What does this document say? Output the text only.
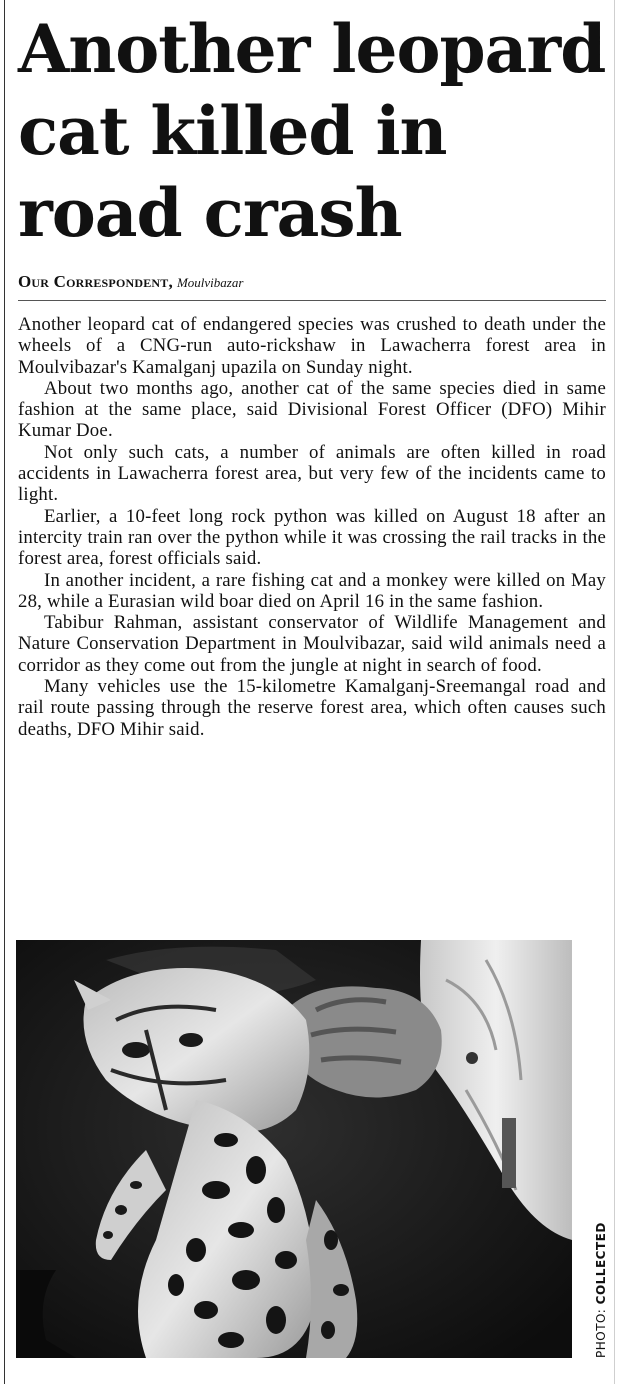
Another leopard cat killed in road crash
Our Correspondent, Moulvibazar

Another leopard cat of endangered species was crushed to death under the wheels of a CNG-run auto-rickshaw in Lawacherra forest area in Moulvibazar's Kamalganj upazila on Sunday night.

About two months ago, another cat of the same species died in same fashion at the same place, said Divisional Forest Officer (DFO) Mihir Kumar Doe.

Not only such cats, a number of animals are often killed in road accidents in Lawacherra forest area, but very few of the incidents came to light.

Earlier, a 10-feet long rock python was killed on August 18 after an intercity train ran over the python while it was crossing the rail tracks in the forest area, forest officials said.

In another incident, a rare fishing cat and a monkey were killed on May 28, while a Eurasian wild boar died on April 16 in the same fashion.

Tabibur Rahman, assistant conservator of Wildlife Management and Nature Conservation Department in Moulvibazar, said wild animals need a corridor as they come out from the jungle at night in search of food.

Many vehicles use the 15-kilometre Kamalganj-Sreemangal road and rail route passing through the reserve forest area, which often causes such deaths, DFO Mihir said.

PHOTO: COLLECTED
